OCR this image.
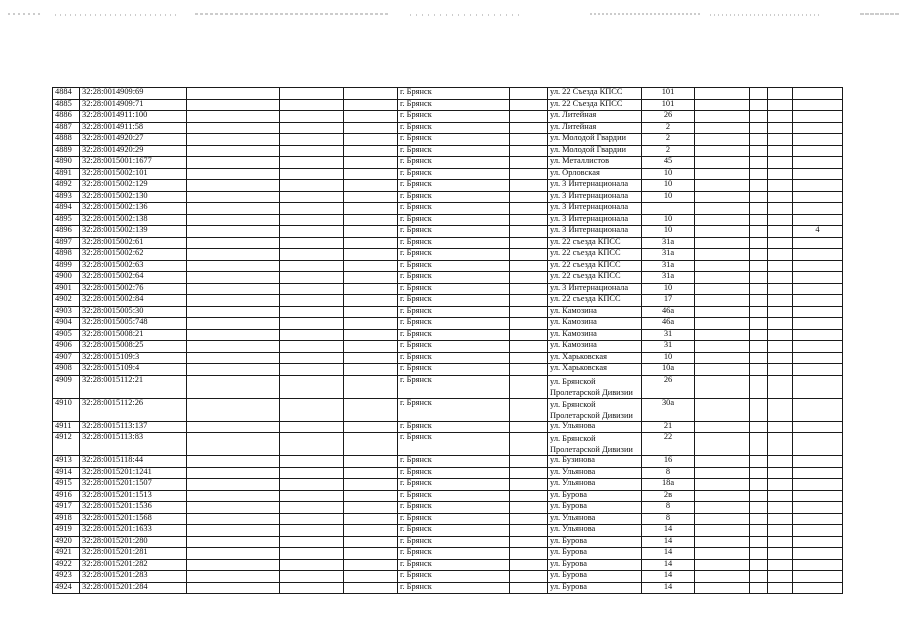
4884	32:28:0014909:69				г. Брянск		ул. 22 Съезда КПСС	101				
4885	32:28:0014909:71				г. Брянск		ул. 22 Съезда КПСС	101				
4886	32:28:0014911:100				г. Брянск		ул. Литейная	26				
4887	32:28:0014911:58				г. Брянск		ул. Литейная	2				
4888	32:28:0014920:27				г. Брянск		ул. Молодой Гвардии	2				
4889	32:28:0014920:29				г. Брянск		ул. Молодой Гвардии	2				
4890	32:28:0015001:1677				г. Брянск		ул. Металлистов	45				
4891	32:28:0015002:101				г. Брянск		ул. Орловская	10				
4892	32:28:0015002:129				г. Брянск		ул. 3 Интернационала	10				
4893	32:28:0015002:130				г. Брянск		ул. 3 Интернационала	10				
4894	32:28:0015002:136				г. Брянск		ул. 3 Интернационала					
4895	32:28:0015002:138				г. Брянск		ул. 3 Интернационала	10				
4896	32:28:0015002:139				г. Брянск		ул. 3 Интернационала	10				4
4897	32:28:0015002:61				г. Брянск		ул. 22 съезда КПСС	31а				
4898	32:28:0015002:62				г. Брянск		ул. 22 съезда КПСС	31а				
4899	32:28:0015002:63				г. Брянск		ул. 22 съезда КПСС	31а				
4900	32:28:0015002:64				г. Брянск		ул. 22 съезда КПСС	31а				
4901	32:28:0015002:76				г. Брянск		ул. 3 Интернационала	10				
4902	32:28:0015002:84				г. Брянск		ул. 22 съезда КПСС	17				
4903	32:28:0015005:30				г. Брянск		ул. Камозина	46а				
4904	32:28:0015005:748				г. Брянск		ул. Камозина	46а				
4905	32:28:0015008:21				г. Брянск		ул. Камозина	31				
4906	32:28:0015008:25				г. Брянск		ул. Камозина	31				
4907	32:28:0015109:3				г. Брянск		ул. Харьковская	10				
4908	32:28:0015109:4				г. Брянск		ул. Харьковская	10а				
4909	32:28:0015112:21				г. Брянск		ул. Брянской Пролетарской Дивизии	26				
4910	32:28:0015112:26				г. Брянск		ул. Брянской Пролетарской Дивизии	30а				
4911	32:28:0015113:137				г. Брянск		ул. Ульянова	21				
4912	32:28:0015113:83				г. Брянск		ул. Брянской Пролетарской Дивизии	22				
4913	32:28:0015118:44				г. Брянск		ул. Бузинова	16				
4914	32:28:0015201:1241				г. Брянск		ул. Ульянова	8				
4915	32:28:0015201:1507				г. Брянск		ул. Ульянова	18а				
4916	32:28:0015201:1513				г. Брянск		ул. Бурова	2в				
4917	32:28:0015201:1536				г. Брянск		ул. Бурова	8				
4918	32:28:0015201:1568				г. Брянск		ул. Ульянова	8				
4919	32:28:0015201:1633				г. Брянск		ул. Ульянова	14				
4920	32:28:0015201:280				г. Брянск		ул. Бурова	14				
4921	32:28:0015201:281				г. Брянск		ул. Бурова	14				
4922	32:28:0015201:282				г. Брянск		ул. Бурова	14				
4923	32:28:0015201:283				г. Брянск		ул. Бурова	14				
4924	32:28:0015201:284				г. Брянск		ул. Бурова	14				
